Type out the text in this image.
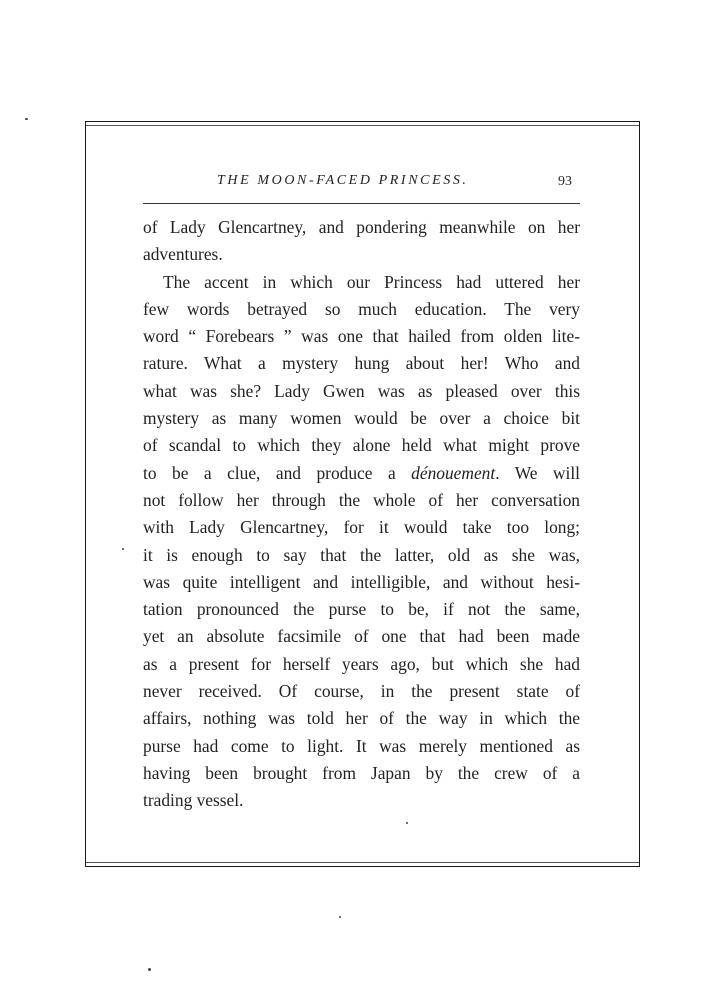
THE MOON-FACED PRINCESS.	93
of Lady Glencartney, and pondering meanwhile on her
adventures.
The accent in which our Princess had uttered her
few words betrayed so much education. The very
word “ Forebears ” was one that hailed from olden lite-
rature. What a mystery hung about her! Who and
what was she? Lady Gwen was as pleased over this
mystery as many women would be over a choice bit
of scandal to which they alone held what might prove
to be a clue, and produce a dénouement. We will
not follow her through the whole of her conversation
with Lady Glencartney, for it would take too long;
it is enough to say that the latter, old as she was,
was quite intelligent and intelligible, and without hesi-
tation pronounced the purse to be, if not the same,
yet an absolute facsimile of one that had been made
as a present for herself years ago, but which she had
never received. Of course, in the present state of
affairs, nothing was told her of the way in which the
purse had come to light. It was merely mentioned as
having been brought from Japan by the crew of a
trading vessel.
